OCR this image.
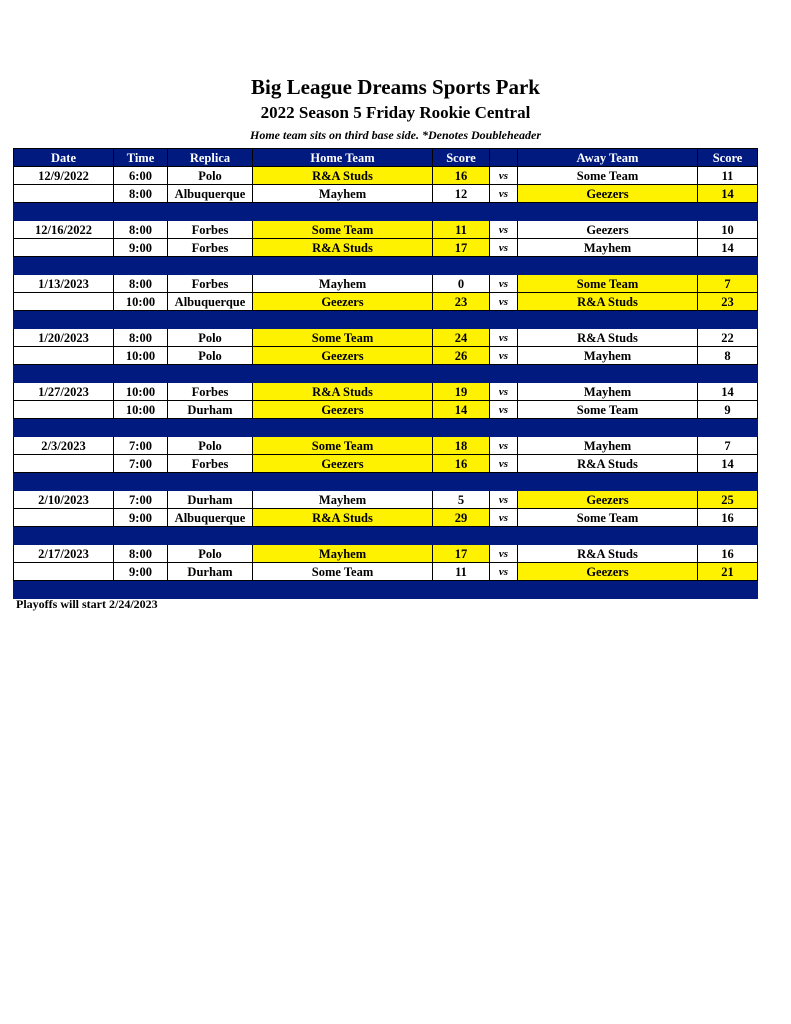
Big League Dreams Sports Park
2022 Season 5 Friday Rookie Central
Home team sits on third base side. *Denotes Doubleheader
Date	Time	Replica	Home Team	Score		Away Team	Score
12/9/2022	6:00	Polo	R&A Studs	16	vs	Some Team	11
	8:00	Albuquerque	Mayhem	12	vs	Geezers	14

12/16/2022	8:00	Forbes	Some Team	11	vs	Geezers	10
	9:00	Forbes	R&A Studs	17	vs	Mayhem	14

1/13/2023	8:00	Forbes	Mayhem	0	vs	Some Team	7
	10:00	Albuquerque	Geezers	23	vs	R&A Studs	23

1/20/2023	8:00	Polo	Some Team	24	vs	R&A Studs	22
	10:00	Polo	Geezers	26	vs	Mayhem	8

1/27/2023	10:00	Forbes	R&A Studs	19	vs	Mayhem	14
	10:00	Durham	Geezers	14	vs	Some Team	9

2/3/2023	7:00	Polo	Some Team	18	vs	Mayhem	7
	7:00	Forbes	Geezers	16	vs	R&A Studs	14

2/10/2023	7:00	Durham	Mayhem	5	vs	Geezers	25
	9:00	Albuquerque	R&A Studs	29	vs	Some Team	16

2/17/2023	8:00	Polo	Mayhem	17	vs	R&A Studs	16
	9:00	Durham	Some Team	11	vs	Geezers	21

Playoffs will start 2/24/2023
